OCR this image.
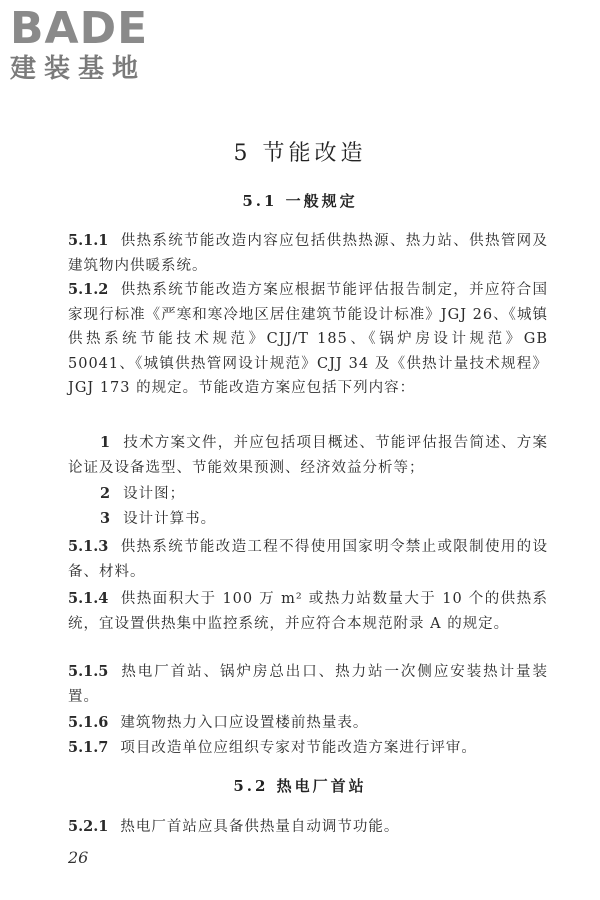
BADE
建装基地
5 节能改造
5.1 一般规定

5.1.1 供热系统节能改造内容应包括供热热源、热力站、供热管网及建筑物内供暖系统。

5.1.2 供热系统节能改造方案应根据节能评估报告制定，并应符合国家现行标准《严寒和寒冷地区居住建筑节能设计标准》JGJ 26、《城镇供热系统节能技术规范》CJJ/T 185、《锅炉房设计规范》GB 50041、《城镇供热管网设计规范》CJJ 34 及《供热计量技术规程》JGJ 173 的规定。节能改造方案应包括下列内容：

1 技术方案文件，并应包括项目概述、节能评估报告简述、方案论证及设备选型、节能效果预测、经济效益分析等；

2 设计图；

3 设计计算书。

5.1.3 供热系统节能改造工程不得使用国家明令禁止或限制使用的设备、材料。

5.1.4 供热面积大于 100 万 m² 或热力站数量大于 10 个的供热系统，宜设置供热集中监控系统，并应符合本规范附录 A 的规定。

5.1.5 热电厂首站、锅炉房总出口、热力站一次侧应安装热计量装置。

5.1.6 建筑物热力入口应设置楼前热量表。

5.1.7 项目改造单位应组织专家对节能改造方案进行评审。

5.2 热电厂首站

5.2.1 热电厂首站应具备供热量自动调节功能。

26
